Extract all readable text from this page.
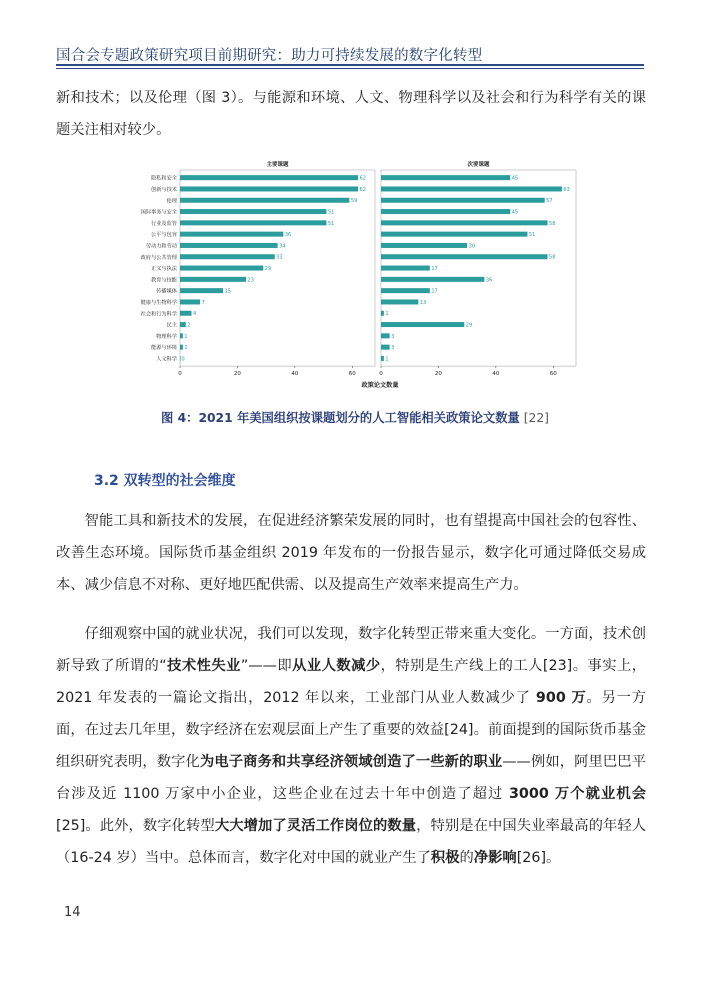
国合会专题政策研究项目前期研究：助力可持续发展的数字化转型
新和技术；以及伦理（图 3）。与能源和环境、人文、物理科学以及社会和行为科学有关的课题关注相对较少。
隐私和安全
创新与技术
伦理
国际事务与安全
行业及监管
公平与包容
劳动力和劳动
政府与公共管理
正义与执法
教育与技能
传播媒体
健康与生物科学
社会和行为科学
民主
物理科学
能源与环境
人文科学
主要课题
62
62
59
51
51
36
34
33
29
23
15
7
4
2
1
1
0
0	20	40	60
次要课题
45
63
57
45
58
51
30
58
17
36
17
13
1
29
3
3
1
0	20	40	60
政策论文数量
图 4：2021 年美国组织按课题划分的人工智能相关政策论文数量 [22]
3.2 双转型的社会维度
智能工具和新技术的发展，在促进经济繁荣发展的同时，也有望提高中国社会的包容性、改善生态环境。国际货币基金组织 2019 年发布的一份报告显示，数字化可通过降低交易成本、减少信息不对称、更好地匹配供需、以及提高生产效率来提高生产力。
仔细观察中国的就业状况，我们可以发现，数字化转型正带来重大变化。一方面，技术创新导致了所谓的“技术性失业”——即从业人数减少，特别是生产线上的工人[23]。事实上，2021 年发表的一篇论文指出，2012 年以来，工业部门从业人数减少了 900 万。另一方面，在过去几年里，数字经济在宏观层面上产生了重要的效益[24]。前面提到的国际货币基金组织研究表明，数字化为电子商务和共享经济领域创造了一些新的职业——例如，阿里巴巴平台涉及近 1100 万家中小企业，这些企业在过去十年中创造了超过 3000 万个就业机会[25]。此外，数字化转型大大增加了灵活工作岗位的数量，特别是在中国失业率最高的年轻人（16-24 岁）当中。总体而言，数字化对中国的就业产生了积极的净影响[26]。
14
